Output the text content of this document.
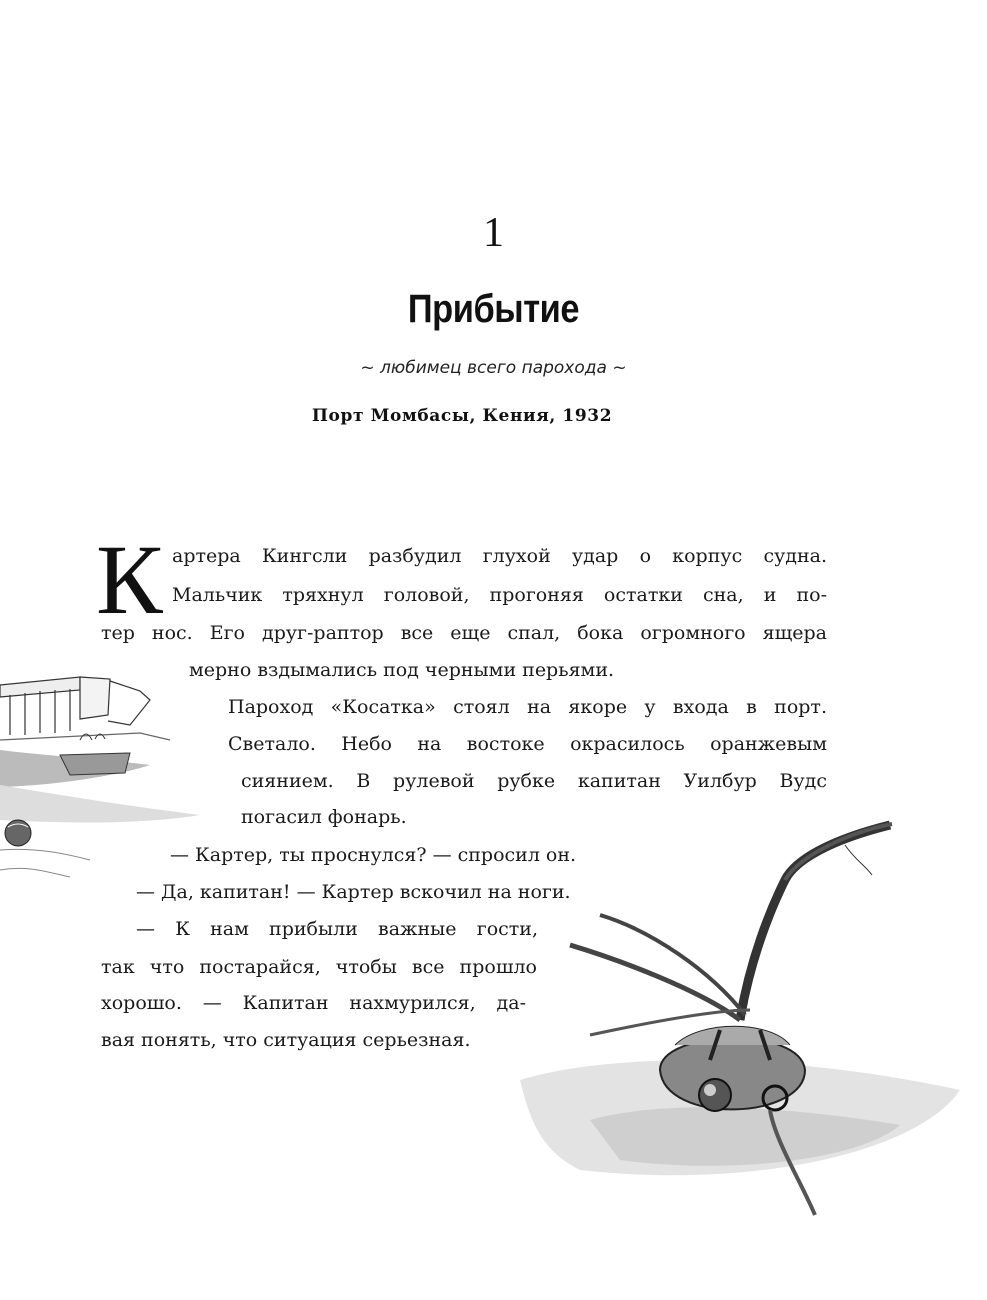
1
Прибытие
~ любимец всего парохода ~
Порт Момбасы, Кения, 1932
К артера Кингсли разбудил глухой удар о корпус судна.
Мальчик тряхнул головой, прогоняя остатки сна, и по-
тер нос. Его друг-раптор все еще спал, бока огромного ящера
мерно вздымались под черными перьями.
Пароход «Косатка» стоял на якоре у входа в порт.
Светало. Небо на востоке окрасилось оранжевым
сиянием. В рулевой рубке капитан Уилбур Вудс
погасил фонарь.
— Картер, ты проснулся? — спросил он.
— Да, капитан! — Картер вскочил на ноги.
— К нам прибыли важные гости,
так что постарайся, чтобы все прошло
хорошо. — Капитан нахмурился, да-
вая понять, что ситуация серьезная.
